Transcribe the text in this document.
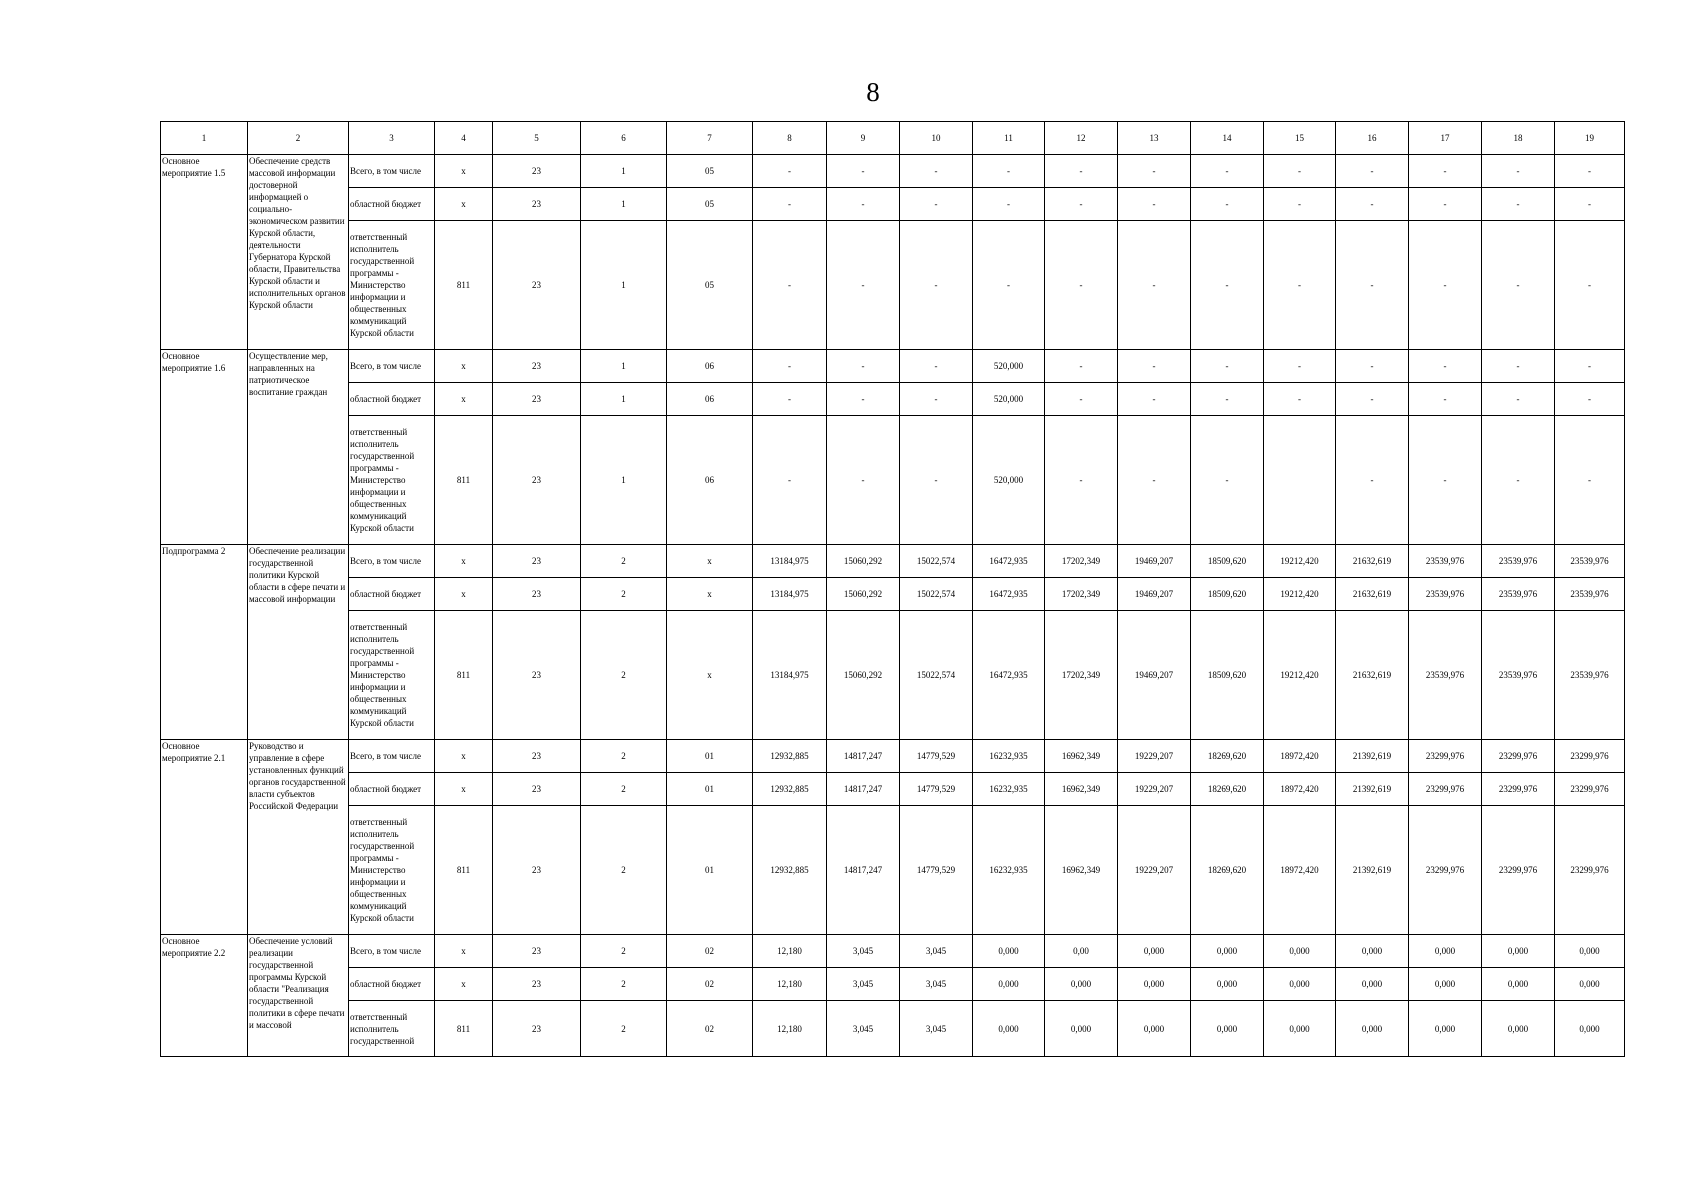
8
1	2	3	4	5	6	7	8	9	10	11	12	13	14	15	16	17	18	19
Основное мероприятие 1.5	Обеспечение средств массовой информации достоверной информацией о социально-экономическом развитии Курской области, деятельности Губернатора Курской области, Правительства Курской области и исполнительных органов Курской области	Всего, в том числе	x	23	1	05	-	-	-	-	-	-	-	-	-	-	-	-
		областной бюджет	x	23	1	05	-	-	-	-	-	-	-	-	-	-	-	-
		ответственный исполнитель государственной программы - Министерство информации и общественных коммуникаций Курской области	811	23	1	05	-	-	-	-	-	-	-	-	-	-	-	-
Основное мероприятие 1.6	Осуществление мер, направленных на патриотическое воспитание граждан	Всего, в том числе	x	23	1	06	-	-	-	520,000	-	-	-	-	-	-	-	-
		областной бюджет	x	23	1	06	-	-	-	520,000	-	-	-	-	-	-	-	-
		ответственный исполнитель государственной программы - Министерство информации и общественных коммуникаций Курской области	811	23	1	06	-	-	-	520,000	-	-	-		-	-	-	-
Подпрограмма 2	Обеспечение реализации государственной политики Курской области в сфере печати и массовой информации	Всего, в том числе	x	23	2	x	13184,975	15060,292	15022,574	16472,935	17202,349	19469,207	18509,620	19212,420	21632,619	23539,976	23539,976	23539,976
		областной бюджет	x	23	2	x	13184,975	15060,292	15022,574	16472,935	17202,349	19469,207	18509,620	19212,420	21632,619	23539,976	23539,976	23539,976
		ответственный исполнитель государственной программы - Министерство информации и общественных коммуникаций Курской области	811	23	2	x	13184,975	15060,292	15022,574	16472,935	17202,349	19469,207	18509,620	19212,420	21632,619	23539,976	23539,976	23539,976
Основное мероприятие 2.1	Руководство и управление в сфере установленных функций органов государственной власти субъектов Российской Федерации	Всего, в том числе	x	23	2	01	12932,885	14817,247	14779,529	16232,935	16962,349	19229,207	18269,620	18972,420	21392,619	23299,976	23299,976	23299,976
		областной бюджет	x	23	2	01	12932,885	14817,247	14779,529	16232,935	16962,349	19229,207	18269,620	18972,420	21392,619	23299,976	23299,976	23299,976
		ответственный исполнитель государственной программы - Министерство информации и общественных коммуникаций Курской области	811	23	2	01	12932,885	14817,247	14779,529	16232,935	16962,349	19229,207	18269,620	18972,420	21392,619	23299,976	23299,976	23299,976
Основное мероприятие 2.2	Обеспечение условий реализации государственной программы Курской области "Реализация государственной политики в сфере печати и массовой	Всего, в том числе	x	23	2	02	12,180	3,045	3,045	0,000	0,00	0,000	0,000	0,000	0,000	0,000	0,000	0,000
		областной бюджет	x	23	2	02	12,180	3,045	3,045	0,000	0,000	0,000	0,000	0,000	0,000	0,000	0,000	0,000
		ответственный исполнитель государственной	811	23	2	02	12,180	3,045	3,045	0,000	0,000	0,000	0,000	0,000	0,000	0,000	0,000	0,000
